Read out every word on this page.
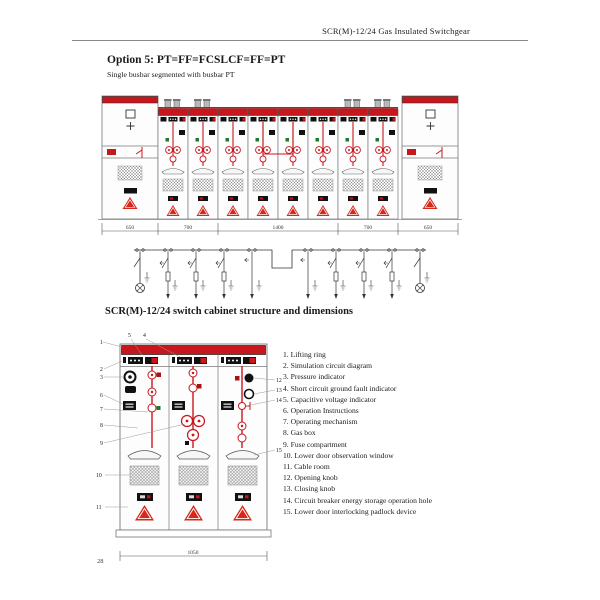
SCR(M)-12/24 Gas Insulated Switchgear
Option 5: PT=FF=FCSLCF=FF=PT
Single busbar segmented with busbar PT
650	700	1400	700	650
SCR(M)-12/24 switch cabinet structure and dimensions
1050
1
5 4
2
3
6
7
8
9
10
11
12
13
14
15
1. Lifting ring
2. Simulation circuit diagram
3. Pressure indicator
4. Short circuit ground fault indicator
5. Capacitive voltage indicator
6. Operation Instructions
7. Operating mechanism
8. Gas box
9. Fuse compartment
10. Lower door observation window
11. Cable room
12. Opening knob
13. Closing knob
14. Circuit breaker energy storage operation hole
15. Lower door interlocking padlock device
28
